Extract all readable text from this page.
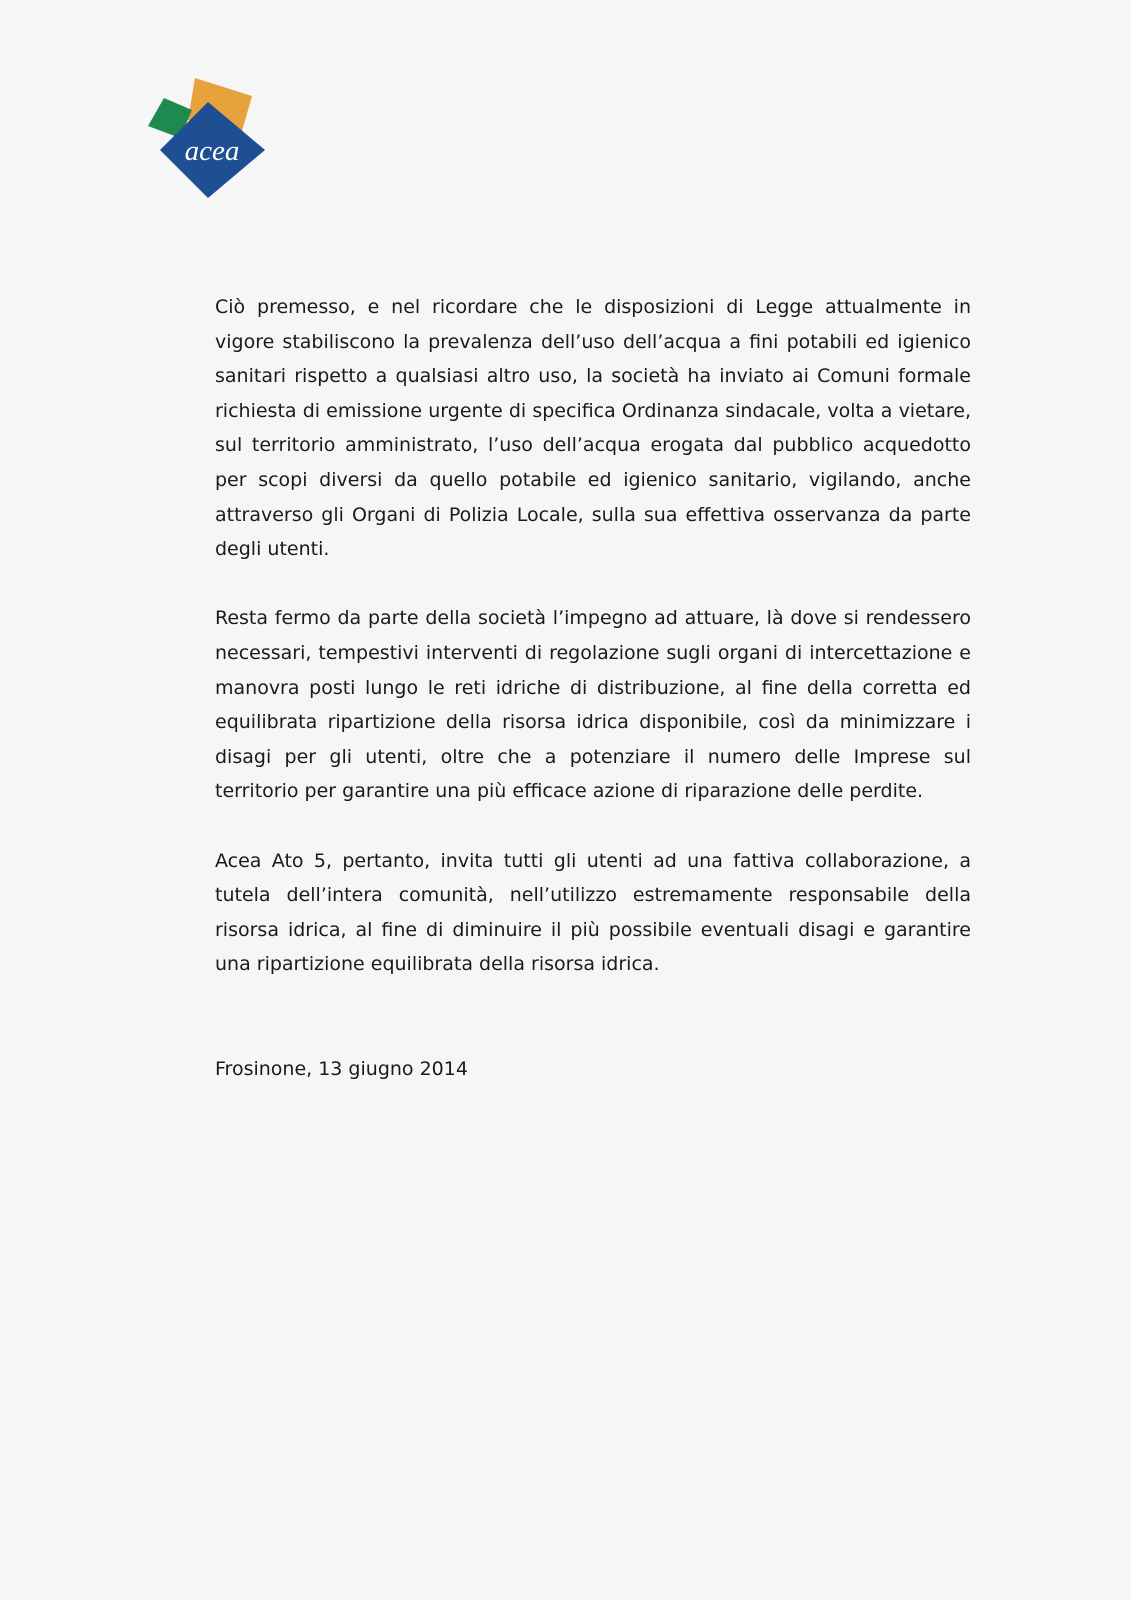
acea

Ciò premesso, e nel ricordare che le disposizioni di Legge attualmente in vigore stabiliscono la prevalenza dell’uso dell’acqua a fini potabili ed igienico sanitari rispetto a qualsiasi altro uso, la società ha inviato ai Comuni formale richiesta di emissione urgente di specifica Ordinanza sindacale, volta a vietare, sul territorio amministrato, l’uso dell’acqua erogata dal pubblico acquedotto per scopi diversi da quello potabile ed igienico sanitario, vigilando, anche attraverso gli Organi di Polizia Locale, sulla sua effettiva osservanza da parte degli utenti.

Resta fermo da parte della società l’impegno ad attuare, là dove si rendessero necessari, tempestivi interventi di regolazione sugli organi di intercettazione e manovra posti lungo le reti idriche di distribuzione, al fine della corretta ed equilibrata ripartizione della risorsa idrica disponibile, così da minimizzare i disagi per gli utenti, oltre che a potenziare il numero delle Imprese sul territorio per garantire una più efficace azione di riparazione delle perdite.

Acea Ato 5, pertanto, invita tutti gli utenti ad una fattiva collaborazione, a tutela dell’intera comunità, nell’utilizzo estremamente responsabile della risorsa idrica, al fine di diminuire il più possibile eventuali disagi e garantire una ripartizione equilibrata della risorsa idrica.

Frosinone, 13 giugno 2014
